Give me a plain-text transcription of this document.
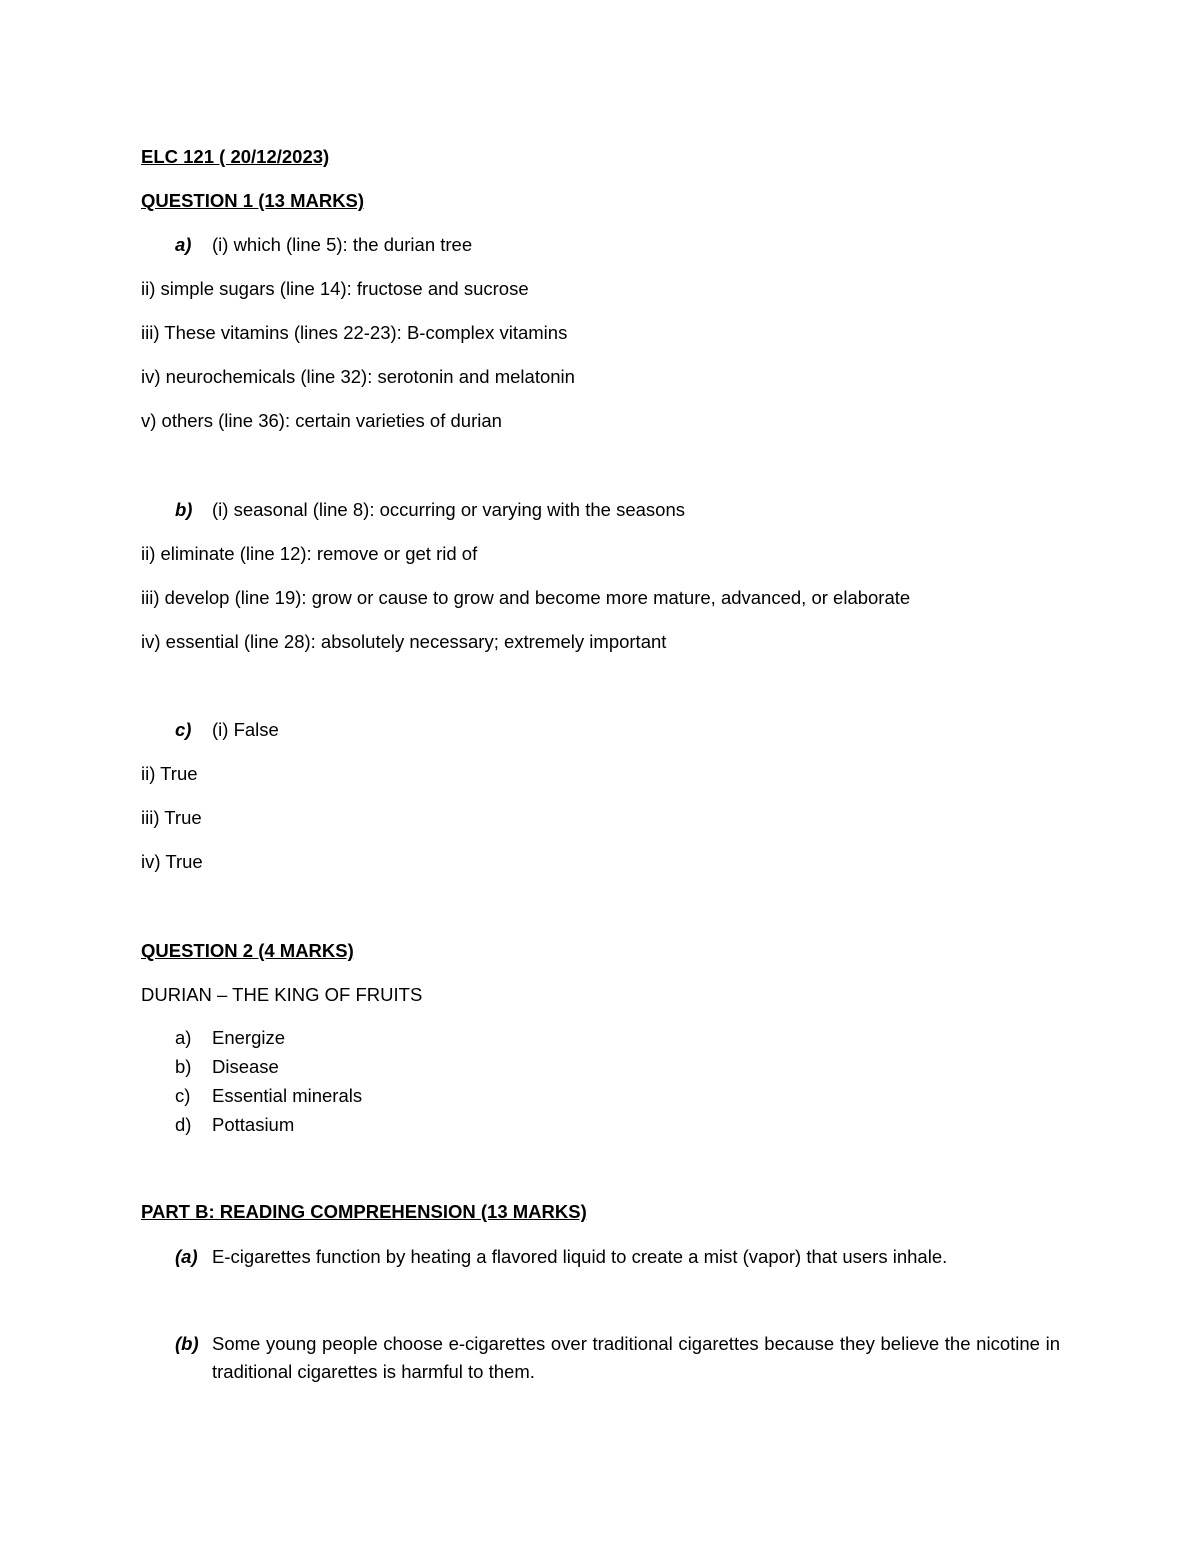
ELC 121 ( 20/12/2023)
QUESTION 1 (13 MARKS)
a) (i) which (line 5): the durian tree
ii) simple sugars (line 14): fructose and sucrose
iii) These vitamins (lines 22-23): B-complex vitamins
iv) neurochemicals (line 32): serotonin and melatonin
v) others (line 36): certain varieties of durian
b) (i) seasonal (line 8): occurring or varying with the seasons
ii) eliminate (line 12): remove or get rid of
iii) develop (line 19): grow or cause to grow and become more mature, advanced, or elaborate
iv) essential (line 28): absolutely necessary; extremely important
c) (i) False
ii) True
iii) True
iv) True
QUESTION 2 (4 MARKS)
DURIAN – THE KING OF FRUITS
a) Energize
b) Disease
c) Essential minerals
d) Pottasium
PART B: READING COMPREHENSION (13 MARKS)
(a) E-cigarettes function by heating a flavored liquid to create a mist (vapor) that users inhale.
(b) Some young people choose e-cigarettes over traditional cigarettes because they believe the nicotine in traditional cigarettes is harmful to them.
